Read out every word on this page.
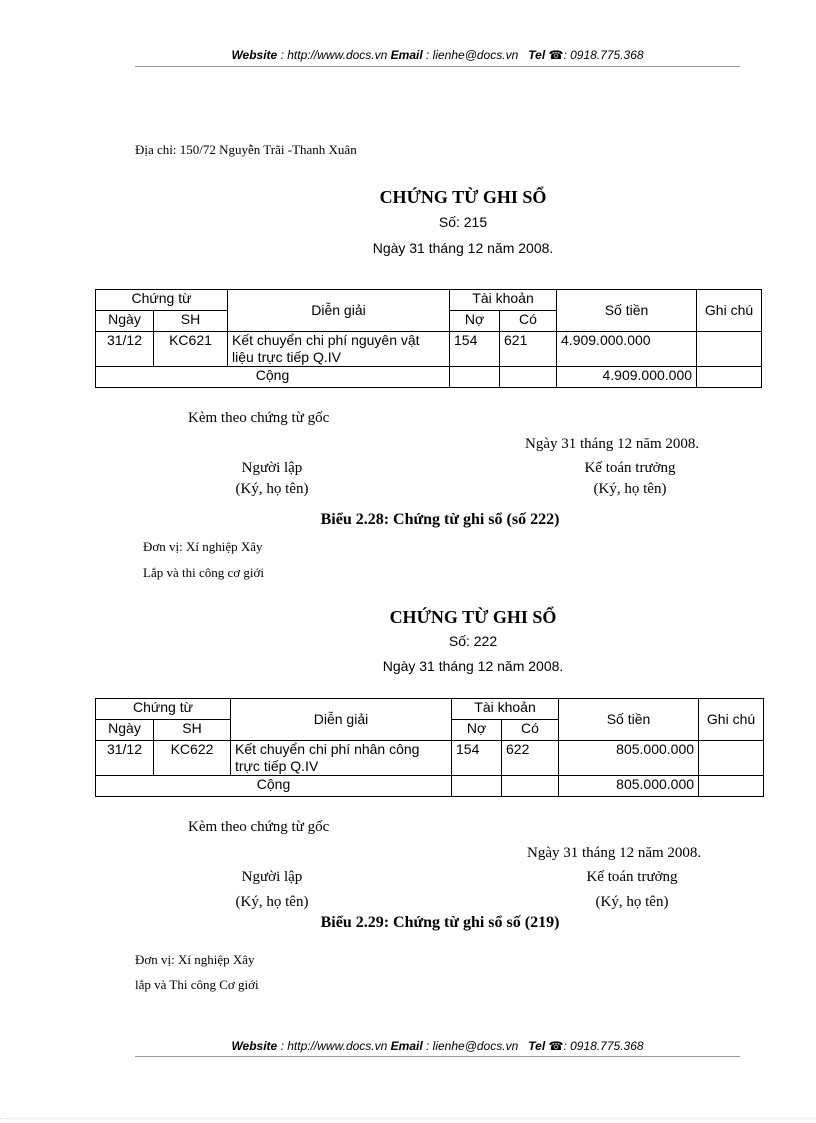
Website : http://www.docs.vn Email : lienhe@docs.vn Tel ☎: 0918.775.368
Địa chỉ: 150/72 Nguyễn Trãi -Thanh Xuân
CHỨNG TỪ GHI SỔ
Số: 215
Ngày 31 tháng 12 năm 2008.
Chứng từ		Diễn giải	Tài khoản		Số tiền	Ghi chú
Ngày	SH		Nợ	Có		
31/12	KC621	Kết chuyển chi phí nguyên vật liệu trực tiếp Q.IV	154	621	4.909.000.000	
Cộng					4.909.000.000	
Kèm theo chứng từ gốc
Ngày 31 tháng 12 năm 2008.
Người lập
(Ký, họ tên)
Kế toán trưởng
(Ký, họ tên)
Biểu 2.28: Chứng từ ghi sổ (số 222)
Đơn vị: Xí nghiệp Xây
Lắp và thi công cơ giới
CHỨNG TỪ GHI SỔ
Số: 222
Ngày 31 tháng 12 năm 2008.
Chứng từ		Diễn giải	Tài khoản		Số tiền	Ghi chú
Ngày	SH		Nợ	Có		
31/12	KC622	Kết chuyển chi phí nhân công trực tiếp Q.IV	154	622	805.000.000	
Cộng					805.000.000	
Kèm theo chứng từ gốc
Ngày 31 tháng 12 năm 2008.
Người lập
(Ký, họ tên)
Kế toán trưởng
(Ký, họ tên)
Biểu 2.29: Chứng từ ghi sổ số (219)
Đơn vị: Xí nghiệp Xây
lắp và Thi công Cơ giới
Website : http://www.docs.vn Email : lienhe@docs.vn Tel ☎: 0918.775.368
